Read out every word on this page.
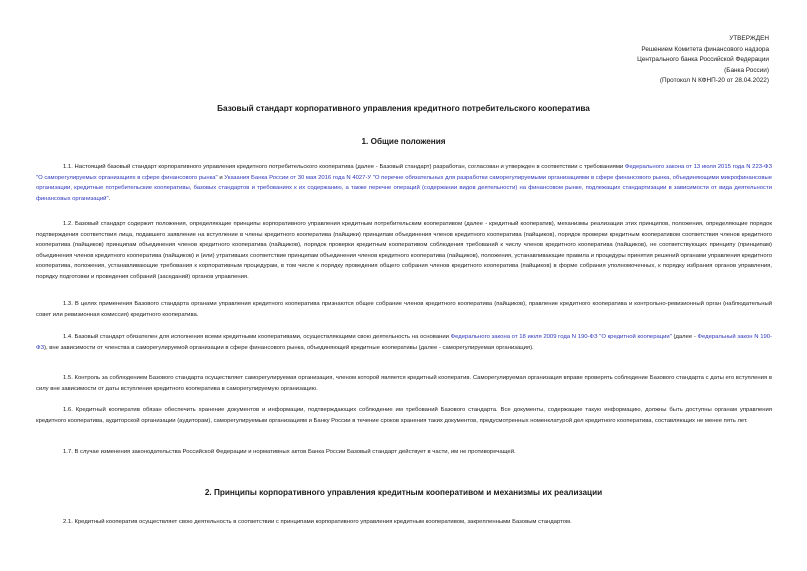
УТВЕРЖДЕН
Решением Комитета финансового надзора
Центрального банка Российской Федерации
(Банка России)
(Протокол N КФНП-20 от 28.04.2022)
Базовый стандарт корпоративного управления кредитного потребительского кооператива
1. Общие положения
1.1. Настоящий базовый стандарт корпоративного управления кредитного потребительского кооператива (далее - Базовый стандарт) разработан, согласован и утвержден в соответствии с требованиями Федерального закона от 13 июля 2015 года N 223-ФЗ "О саморегулируемых организациях в сфере финансового рынка" и Указания Банка России от 30 мая 2016 года N 4027-У "О перечне обязательных для разработки саморегулируемыми организациями в сфере финансового рынка, объединяющими микрофинансовые организации, кредитные потребительские кооперативы, базовых стандартов и требованиях к их содержанию, а также перечне операций (содержании видов деятельности) на финансовом рынке, подлежащих стандартизации в зависимости от вида деятельности финансовых организаций".
1.2. Базовый стандарт содержит положения, определяющие принципы корпоративного управления кредитным потребительским кооперативом (далее - кредитный кооператив), механизмы реализации этих принципов, положения, определяющие порядок подтверждения соответствия лица, подавшего заявление на вступление в члены кредитного кооператива (пайщики) принципам объединения членов кредитного кооператива (пайщиков), порядок проверки кредитным кооперативом соответствия членов кредитного кооператива (пайщиков) принципам объединения членов кредитного кооператива (пайщиков), порядок проверки кредитным кооперативом соблюдения требований к числу членов кредитного кооператива (пайщиков), не соответствующих принципу (принципам) объединения членов кредитного кооператива (пайщиков) и (или) утративших соответствие принципам объединения членов кредитного кооператива (пайщиков), положения, устанавливающие правила и процедуры принятия решений органами управления кредитного кооператива, положения, устанавливающие требования к корпоративным процедурам, в том числе к порядку проведения общего собрания членов кредитного кооператива (пайщиков) в форме собрания уполномоченных, к порядку избрания органов управления, порядку подготовки и проведения собраний (заседаний) органов управления.
1.3. В целях применения Базового стандарта органами управления кредитного кооператива признаются общее собрание членов кредитного кооператива (пайщиков), правление кредитного кооператива и контрольно-ревизионный орган (наблюдательный совет или ревизионная комиссия) кредитного кооператива.
1.4. Базовый стандарт обязателен для исполнения всеми кредитными кооперативами, осуществляющими свою деятельность на основании Федерального закона от 18 июля 2009 года N 190-ФЗ "О кредитной кооперации" (далее - Федеральный закон N 190-ФЗ), вне зависимости от членства в саморегулируемой организации в сфере финансового рынка, объединяющей кредитные кооперативы (далее - саморегулируемая организация).
1.5. Контроль за соблюдением Базового стандарта осуществляет саморегулируемая организация, членом которой является кредитный кооператив. Саморегулируемая организация вправе проверять соблюдение Базового стандарта с даты его вступления в силу вне зависимости от даты вступления кредитного кооператива в саморегулируемую организацию.
1.6. Кредитный кооператив обязан обеспечить хранение документов и информации, подтверждающих соблюдение им требований Базового стандарта. Все документы, содержащие такую информацию, должны быть доступны органам управления кредитного кооператива, аудиторской организации (аудиторам), саморегулируемым организациям и Банку России в течение сроков хранения таких документов, предусмотренных номенклатурой дел кредитного кооператива, составляющих не менее пять лет.
1.7. В случае изменения законодательства Российской Федерации и нормативных актов Банка России Базовый стандарт действует в части, им не противоречащей.
2. Принципы корпоративного управления кредитным кооперативом и механизмы их реализации
2.1. Кредитный кооператив осуществляет свою деятельность в соответствии с принципами корпоративного управления кредитным кооперативом, закрепленными Базовым стандартом.
